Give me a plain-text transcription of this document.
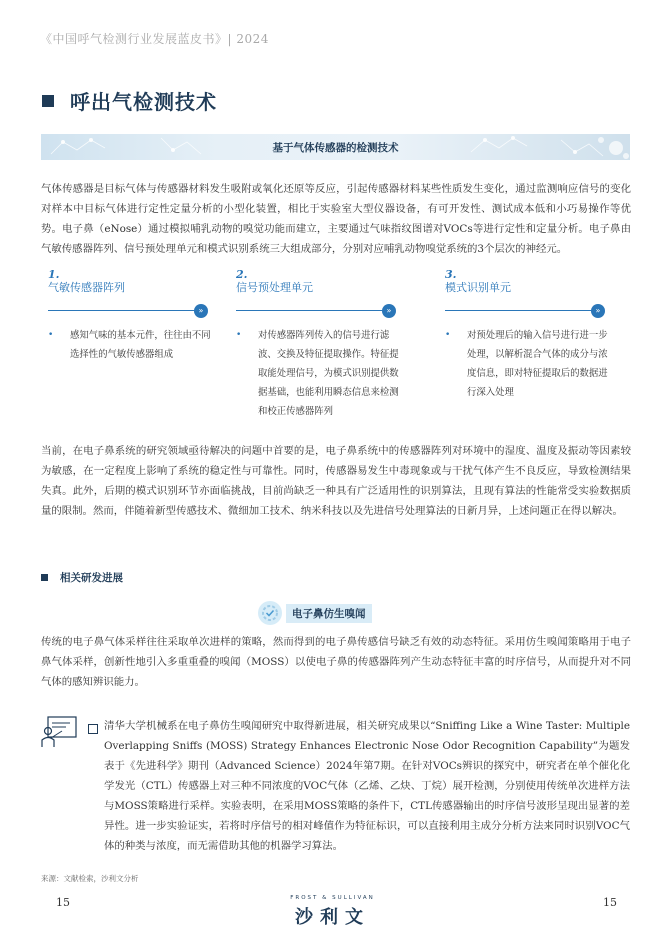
《中国呼气检测行业发展蓝皮书》| 2024
呼出气检测技术
基于气体传感器的检测技术
气体传感器是目标气体与传感器材料发生吸附或氧化还原等反应，引起传感器材料某些性质发生变化，通过监测响应信号的变化对样本中目标气体进行定性定量分析的小型化装置，相比于实验室大型仪器设备，有可开发性、测试成本低和小巧易操作等优势。电子鼻（eNose）通过模拟哺乳动物的嗅觉功能而建立，主要通过气味指纹图谱对VOCs等进行定性和定量分析。电子鼻由气敏传感器阵列、信号预处理单元和模式识别系统三大组成部分，分别对应哺乳动物嗅觉系统的3个层次的神经元。
1.
气敏传感器阵列
»
•	感知气味的基本元件，往往由不同选择性的气敏传感器组成
2.
信号预处理单元
»
•	对传感器阵列传入的信号进行滤波、交换及特征提取操作。特征提取能处理信号，为模式识别提供数据基础，也能利用瞬态信息来检测和校正传感器阵列
3.
模式识别单元
»
•	对预处理后的输入信号进行进一步处理，以解析混合气体的成分与浓度信息，即对特征提取后的数据进行深入处理
当前，在电子鼻系统的研究领域亟待解决的问题中首要的是，电子鼻系统中的传感器阵列对环境中的湿度、温度及振动等因素较为敏感，在一定程度上影响了系统的稳定性与可靠性。同时，传感器易发生中毒现象或与干扰气体产生不良反应，导致检测结果失真。此外，后期的模式识别环节亦面临挑战，目前尚缺乏一种具有广泛适用性的识别算法，且现有算法的性能常受实验数据质量的限制。然而，伴随着新型传感技术、微细加工技术、纳米科技以及先进信号处理算法的日新月异，上述问题正在得以解决。
相关研发进展
电子鼻仿生嗅闻
传统的电子鼻气体采样往往采取单次进样的策略，然而得到的电子鼻传感信号缺乏有效的动态特征。采用仿生嗅闻策略用于电子鼻气体采样，创新性地引入多重重叠的嗅闻（MOSS）以使电子鼻的传感器阵列产生动态特征丰富的时序信号，从而提升对不同气体的感知辨识能力。
清华大学机械系在电子鼻仿生嗅闻研究中取得新进展，相关研究成果以“Sniffing Like a Wine Taster: Multiple Overlapping Sniffs (MOSS) Strategy Enhances Electronic Nose Odor Recognition Capability”为题发表于《先进科学》期刊（Advanced Science）2024年第7期。在针对VOCs辨识的探究中，研究者在单个催化化学发光（CTL）传感器上对三种不同浓度的VOC气体（乙烯、乙炔、丁烷）展开检测，分别使用传统单次进样方法与MOSS策略进行采样。实验表明，在采用MOSS策略的条件下，CTL传感器输出的时序信号波形呈现出显著的差异性。进一步实验证实，若将时序信号的相对峰值作为特征标识，可以直接利用主成分分析方法来同时识别VOC气体的种类与浓度，而无需借助其他的机器学习算法。
来源：文献检索，沙利文分析
15	15
FROST & SULLIVAN
沙利文
